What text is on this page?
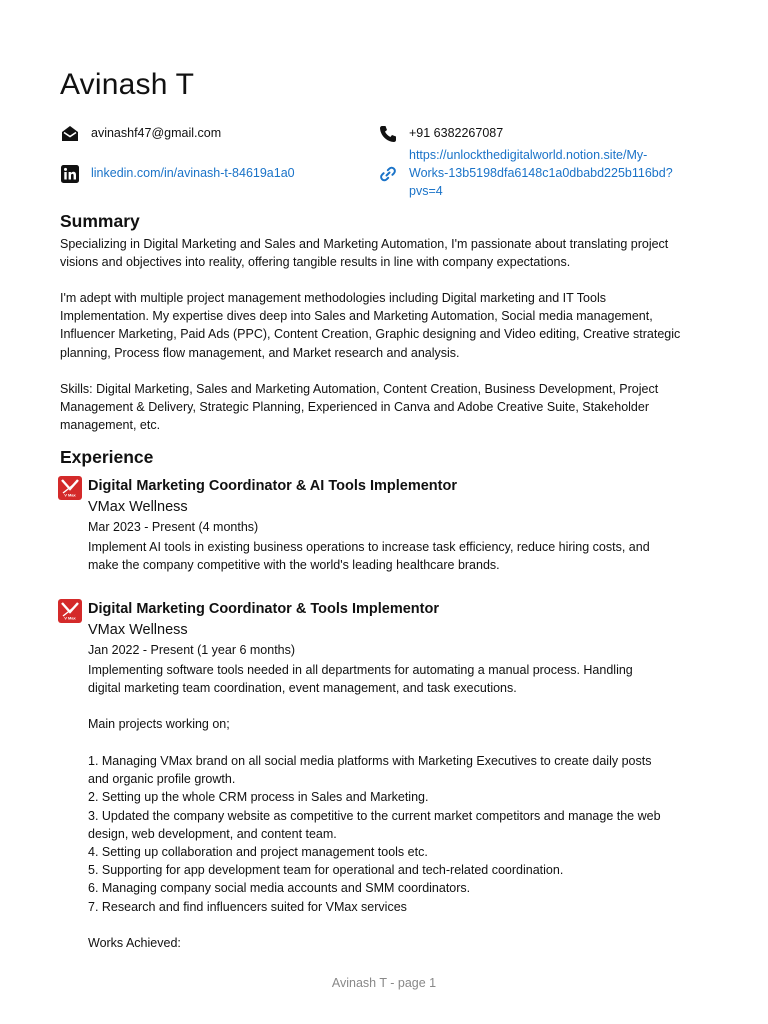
Avinash T
avinashf47@gmail.com	+91 6382267087
linkedin.com/in/avinash-t-84619a1a0
https://unlockthedigitalworld.notion.site/My-
Works-13b5198dfa6148c1a0dbabd225b116bd?
pvs=4
Summary

Specializing in Digital Marketing and Sales and Marketing Automation, I'm passionate about translating project
visions and objectives into reality, offering tangible results in line with company expectations.

I'm adept with multiple project management methodologies including Digital marketing and IT Tools
Implementation. My expertise dives deep into Sales and Marketing Automation, Social media management,
Influencer Marketing, Paid Ads (PPC), Content Creation, Graphic designing and Video editing, Creative strategic
planning, Process flow management, and Market research and analysis.

Skills: Digital Marketing, Sales and Marketing Automation, Content Creation, Business Development, Project
Management & Delivery, Strategic Planning, Experienced in Canva and Adobe Creative Suite, Stakeholder
management, etc.

Experience
V Max
Digital Marketing Coordinator & AI Tools Implementor
VMax Wellness
Mar 2023 - Present (4 months)

Implement AI tools in existing business operations to increase task efficiency, reduce hiring costs, and
make the company competitive with the world's leading healthcare brands.

V Max
Digital Marketing Coordinator & Tools Implementor
VMax Wellness
Jan 2022 - Present (1 year 6 months)

Implementing software tools needed in all departments for automating a manual process. Handling
digital marketing team coordination, event management, and task executions.

Main projects working on;

1. Managing VMax brand on all social media platforms with Marketing Executives to create daily posts
and organic profile growth.
2. Setting up the whole CRM process in Sales and Marketing.
3. Updated the company website as competitive to the current market competitors and manage the web
design, web development, and content team.
4. Setting up collaboration and project management tools etc.
5. Supporting for app development team for operational and tech-related coordination.
6. Managing company social media accounts and SMM coordinators.
7. Research and find influencers suited for VMax services

Works Achieved:

Avinash T - page 1
